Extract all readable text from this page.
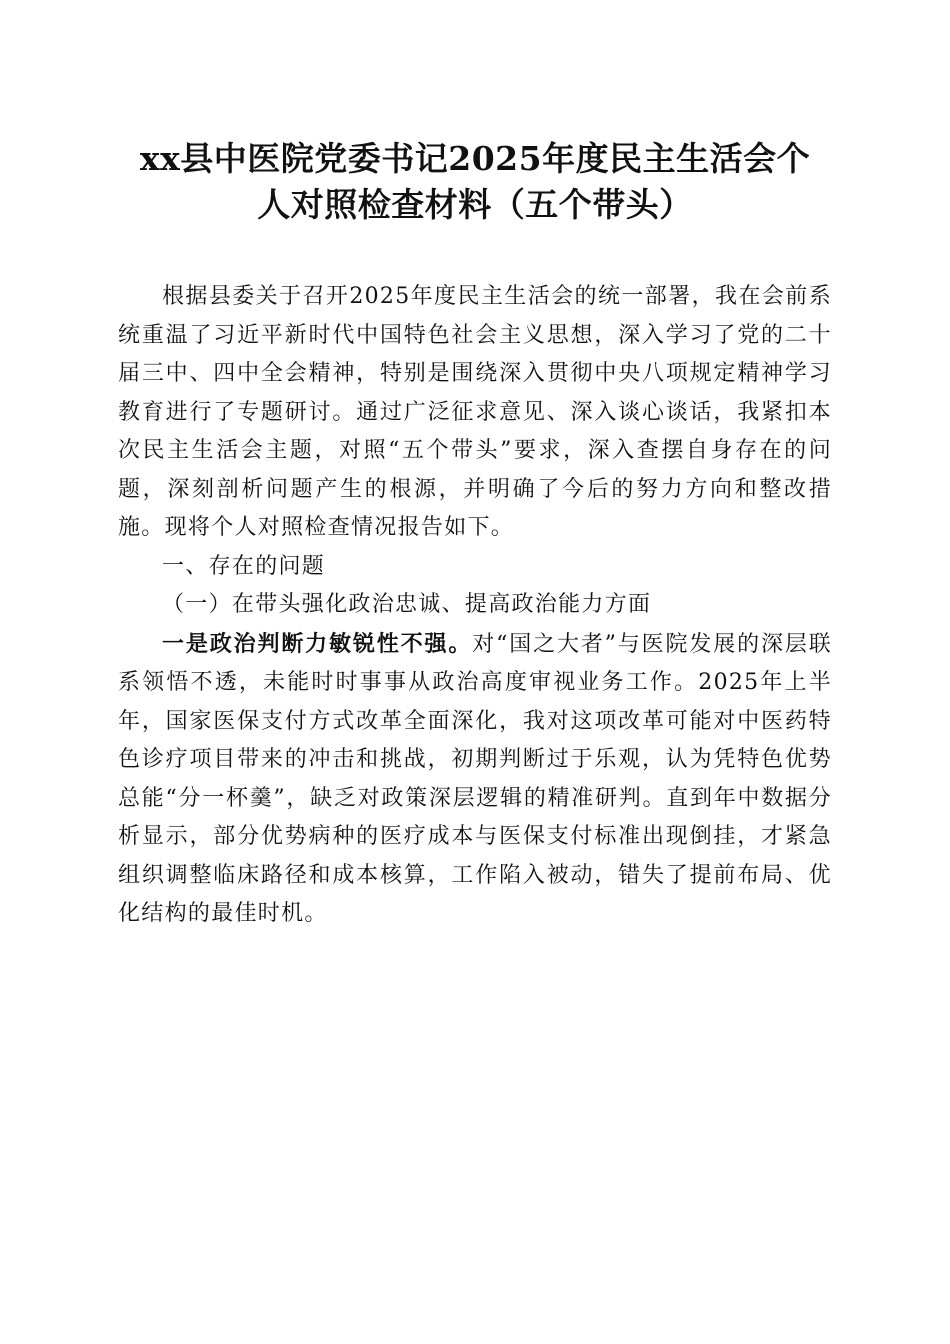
xx县中医院党委书记2025年度民主生活会个
人对照检查材料（五个带头）

根据县委关于召开2025年度民主生活会的统一部署，我在会前系统重温了习近平新时代中国特色社会主义思想，深入学习了党的二十届三中、四中全会精神，特别是围绕深入贯彻中央八项规定精神学习教育进行了专题研讨。通过广泛征求意见、深入谈心谈话，我紧扣本次民主生活会主题，对照“五个带头”要求，深入查摆自身存在的问题，深刻剖析问题产生的根源，并明确了今后的努力方向和整改措施。现将个人对照检查情况报告如下。

一、存在的问题

（一）在带头强化政治忠诚、提高政治能力方面

一是政治判断力敏锐性不强。对“国之大者”与医院发展的深层联系领悟不透，未能时时事事从政治高度审视业务工作。2025年上半年，国家医保支付方式改革全面深化，我对这项改革可能对中医药特色诊疗项目带来的冲击和挑战，初期判断过于乐观，认为凭特色优势总能“分一杯羹”，缺乏对政策深层逻辑的精准研判。直到年中数据分析显示，部分优势病种的医疗成本与医保支付标准出现倒挂，才紧急组织调整临床路径和成本核算，工作陷入被动，错失了提前布局、优化结构的最佳时机。
